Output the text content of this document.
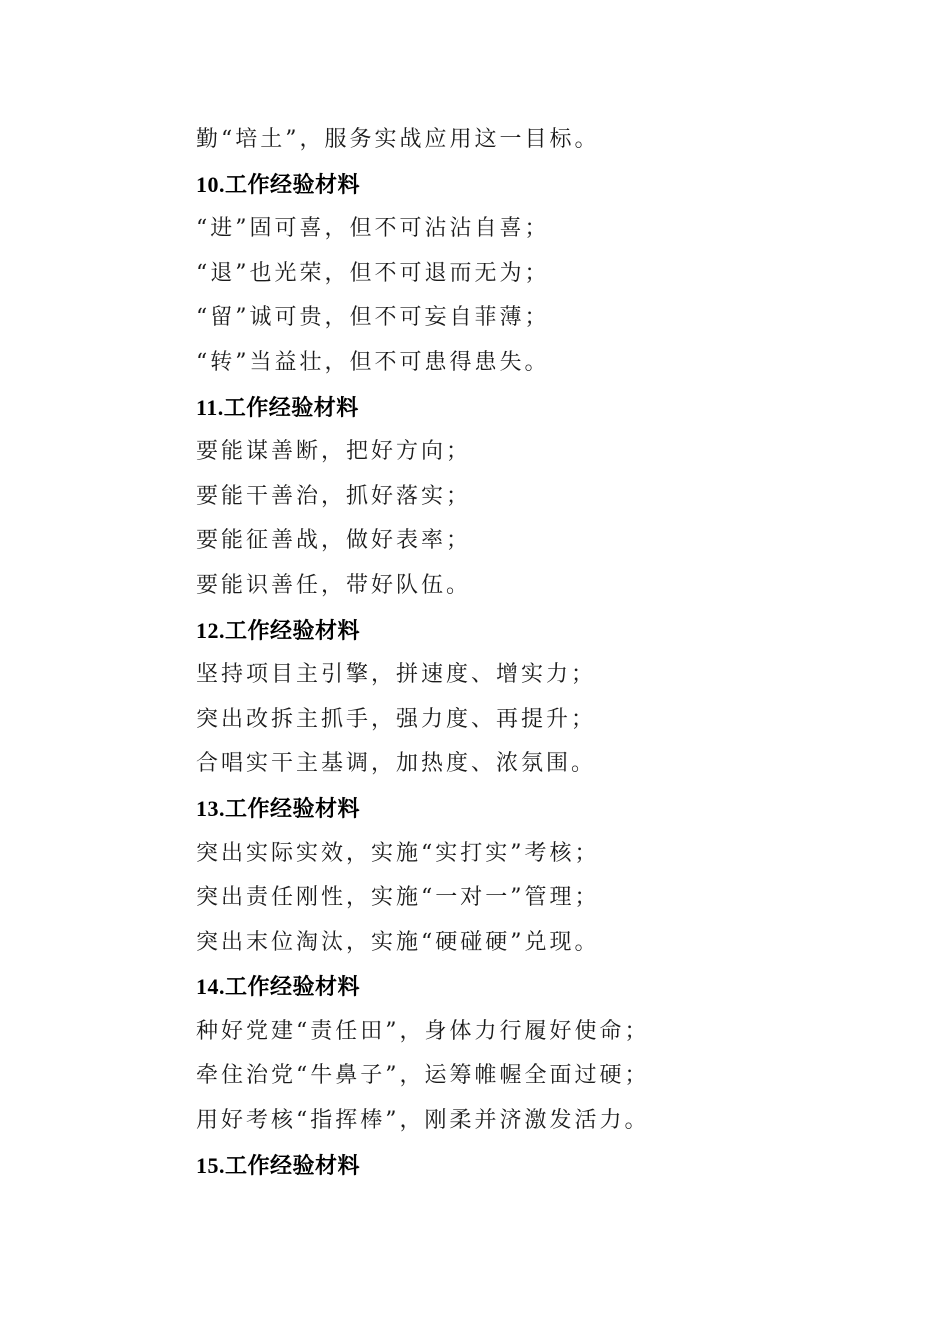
勤“培土”，服务实战应用这一目标。
10.工作经验材料
“进”固可喜，但不可沾沾自喜；
“退”也光荣，但不可退而无为；
“留”诚可贵，但不可妄自菲薄；
“转”当益壮，但不可患得患失。
11.工作经验材料
要能谋善断，把好方向；
要能干善治，抓好落实；
要能征善战，做好表率；
要能识善任，带好队伍。
12.工作经验材料
坚持项目主引擎，拼速度、增实力；
突出改拆主抓手，强力度、再提升；
合唱实干主基调，加热度、浓氛围。
13.工作经验材料
突出实际实效，实施“实打实”考核；
突出责任刚性，实施“一对一”管理；
突出末位淘汰，实施“硬碰硬”兑现。
14.工作经验材料
种好党建“责任田”，身体力行履好使命；
牵住治党“牛鼻子”，运筹帷幄全面过硬；
用好考核“指挥棒”，刚柔并济激发活力。
15.工作经验材料
